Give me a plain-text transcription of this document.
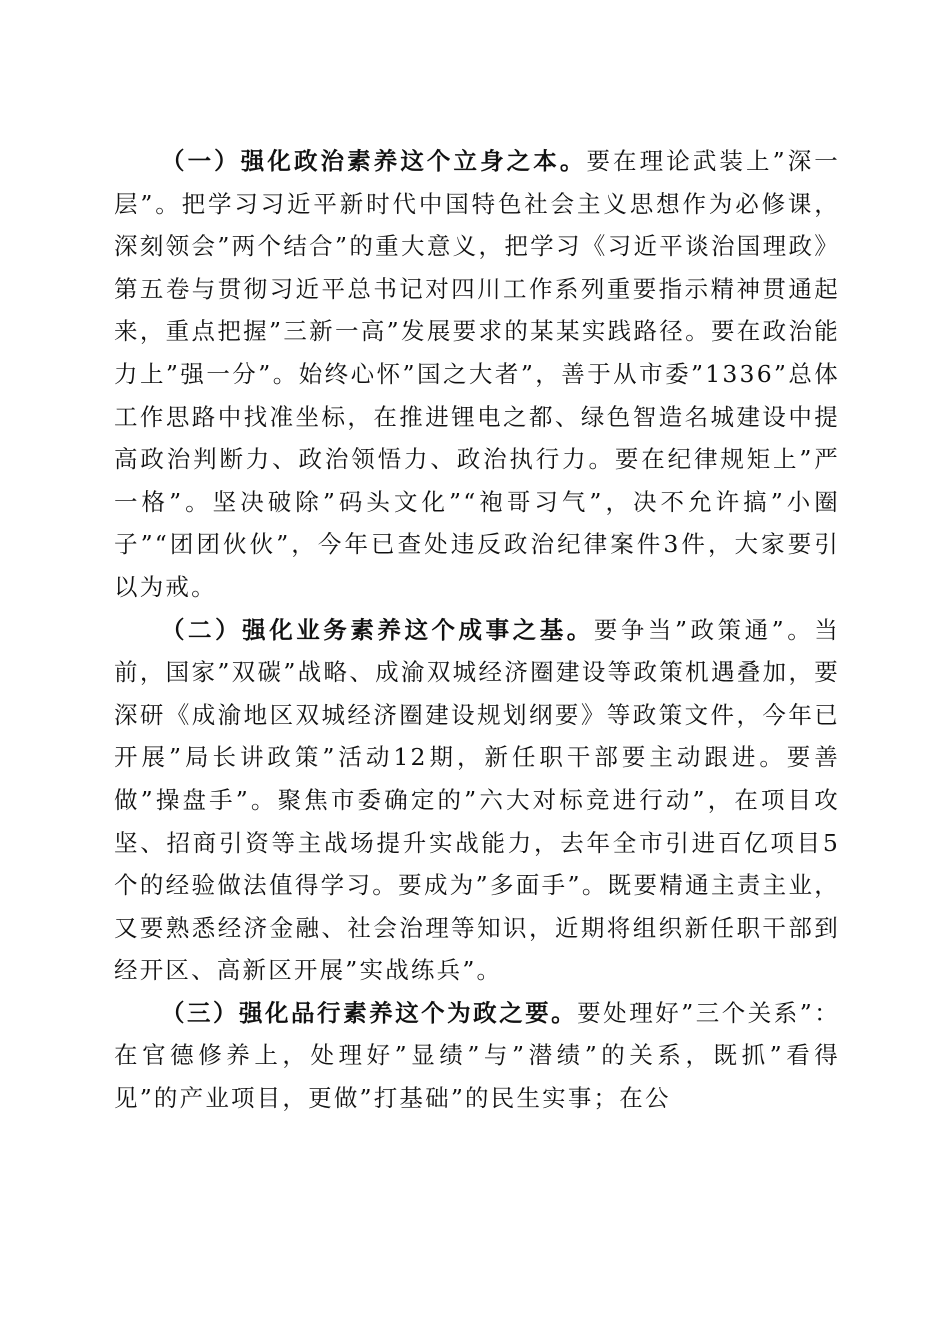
（一）强化政治素养这个立身之本。要在理论武装上”深一层”。把学习习近平新时代中国特色社会主义思想作为必修课，深刻领会”两个结合”的重大意义，把学习《习近平谈治国理政》第五卷与贯彻习近平总书记对四川工作系列重要指示精神贯通起来，重点把握”三新一高”发展要求的某某实践路径。要在政治能力上”强一分”。始终心怀”国之大者”，善于从市委”1336”总体工作思路中找准坐标，在推进锂电之都、绿色智造名城建设中提高政治判断力、政治领悟力、政治执行力。要在纪律规矩上”严一格”。坚决破除”码头文化”“袍哥习气”，决不允许搞”小圈子”“团团伙伙”，今年已查处违反政治纪律案件3件，大家要引以为戒。

（二）强化业务素养这个成事之基。要争当”政策通”。当前，国家”双碳”战略、成渝双城经济圈建设等政策机遇叠加，要深研《成渝地区双城经济圈建设规划纲要》等政策文件，今年已开展”局长讲政策”活动12期，新任职干部要主动跟进。要善做”操盘手”。聚焦市委确定的”六大对标竞进行动”，在项目攻坚、招商引资等主战场提升实战能力，去年全市引进百亿项目5个的经验做法值得学习。要成为”多面手”。既要精通主责主业，又要熟悉经济金融、社会治理等知识，近期将组织新任职干部到经开区、高新区开展”实战练兵”。

（三）强化品行素养这个为政之要。要处理好”三个关系”：在官德修养上，处理好”显绩”与”潜绩”的关系，既抓”看得见”的产业项目，更做”打基础”的民生实事；在公
